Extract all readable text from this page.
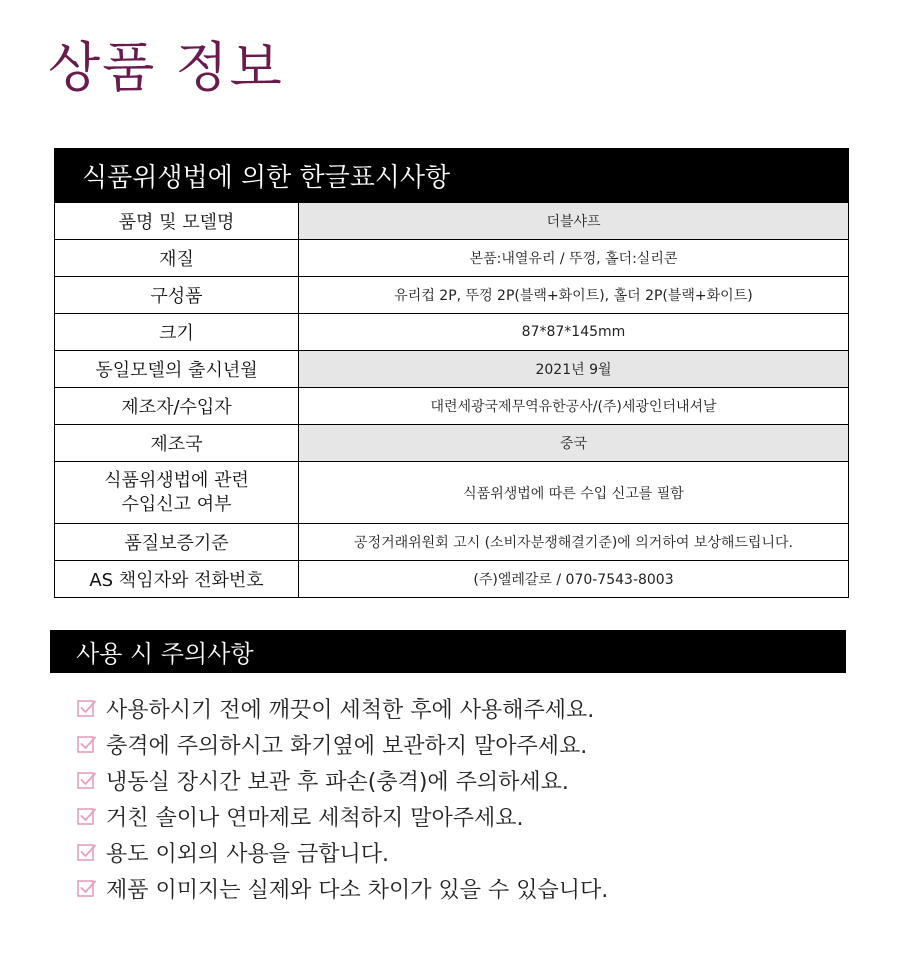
상품 정보
식품위생법에 의한 한글표시사항
품명 및 모델명	더블샤프
재질	본품:내열유리 / 뚜껑, 홀더:실리콘
구성품	유리컵 2P, 뚜껑 2P(블랙+화이트), 홀더 2P(블랙+화이트)
크기	87*87*145mm
동일모델의 출시년월	2021년 9월
제조자/수입자	대련세광국제무역유한공사/(주)세광인터내셔날
제조국	중국

식품위생법에 관련
수입신고 여부	식품위생법에 따른 수입 신고를 필함
품질보증기준	공정거래위원회 고시 (소비자분쟁해결기준)에 의거하여 보상해드립니다.
AS 책임자와 전화번호	(주)엘레갈로 / 070-7543-8003
사용 시 주의사항
사용하시기 전에 깨끗이 세척한 후에 사용해주세요.
충격에 주의하시고 화기옆에 보관하지 말아주세요.
냉동실 장시간 보관 후 파손(충격)에 주의하세요.
거친 솔이나 연마제로 세척하지 말아주세요.
용도 이외의 사용을 금합니다.
제품 이미지는 실제와 다소 차이가 있을 수 있습니다.
